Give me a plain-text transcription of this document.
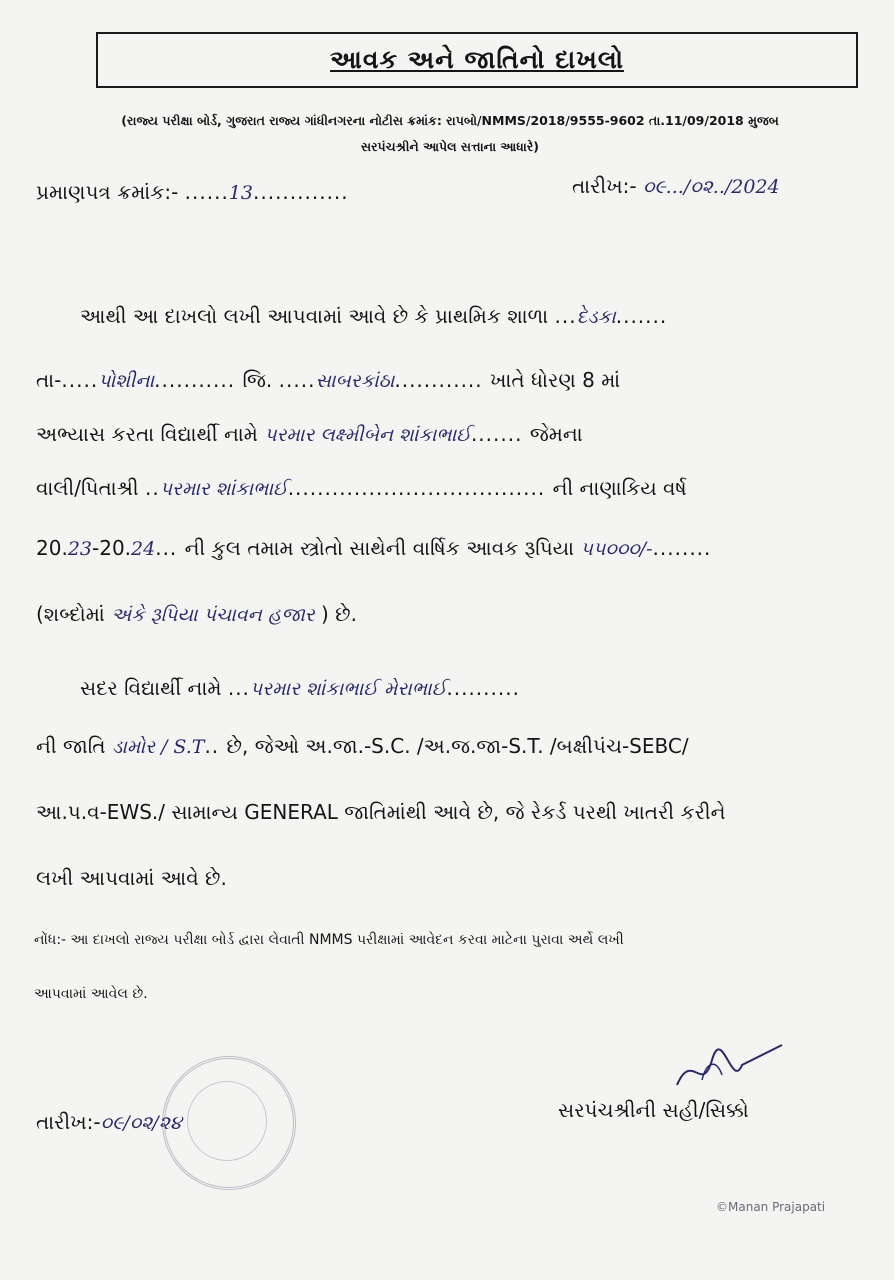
આવક અને જાતિનો દાખલો
(રાજ્ય પરીક્ષા બોર્ડ, ગુજરાત રાજ્ય ગાંધીનગરના નોટીસ ક્રમાંક: રાપબો/NMMS/2018/9555-9602 તા.11/09/2018 મુજબ
સરપંચશ્રીને આપેલ સત્તાના આધારે)
પ્રમાણપત્ર ક્રમાંક:- ......13.............	તારીખ:- ૦૯.../૦૨../2024
આથી આ દાખલો લખી આપવામાં આવે છે કે પ્રાથમિક શાળા ...દેડકા.......
તા-.....પોશીના........... જિ. .....સાબરકાંઠા............ ખાતે ધોરણ 8 માં
અભ્યાસ કરતા વિદ્યાર્થી નામે પરમાર લક્ષ્મીબેન શાંકાભાઈ....... જેમના
વાલી/પિતાશ્રી ..પરમાર શાંકાભાઈ................................... ની નાણાકિય વર્ષ
20.23-20.24... ની કુલ તમામ સ્ત્રોતો સાથેની વાર્ષિક આવક રૂપિયા ૫૫૦૦૦/-........
(શબ્દોમાં અંકે રૂપિયા પંચાવન હજાર ) છે.
સદર વિદ્યાર્થી નામે ...પરમાર શાંકાભાઈ મેરાભાઈ..........
ની જાતિ ડામોર / S.T.. છે, જેઓ અ.જા.-S.C. /અ.જ.જા-S.T. /બક્ષીપંચ-SEBC/
આ.પ.વ-EWS./ સામાન્ય GENERAL જાતિમાંથી આવે છે, જે રેકર્ડ પરથી ખાતરી કરીને
લખી આપવામાં આવે છે.
નોંધ:- આ દાખલો રાજ્ય પરીક્ષા બોર્ડ દ્વારા લેવાતી NMMS પરીક્ષામાં આવેદન કરવા માટેના પુરાવા અર્થે લખી
આપવામાં આવેલ છે.
તારીખ:-૦૯/૦૨/૨૪
સરપંચશ્રીની સહી/સિક્કો
©Manan Prajapati
